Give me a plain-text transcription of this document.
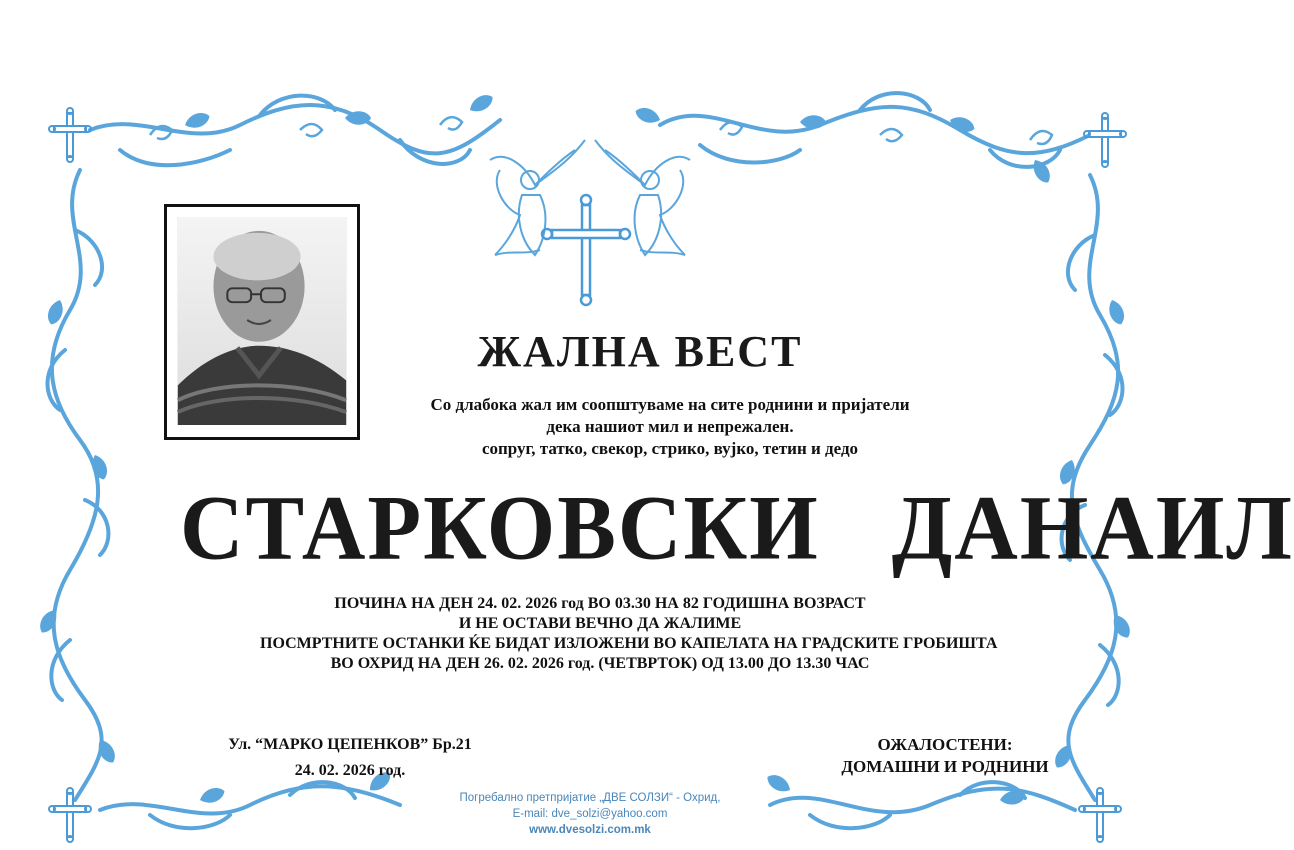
ЖАЛНА ВЕСТ
Со длабока жал им соопштуваме на сите роднини и пријатели
дека нашиот мил и непрежален.
сопруг, татко, свекор, стрико, вујко, тетин и дедо
СТАРКОВСКИ   ДАНАИЛ
ПОЧИНА НА ДЕН 24. 02. 2026 год ВО 03.30 НА 82 ГОДИШНА ВОЗРАСТ
И НЕ ОСТАВИ ВЕЧНО ДА ЖАЛИМЕ
ПОСМРТНИТЕ ОСТАНКИ ЌЕ БИДАТ ИЗЛОЖЕНИ ВО КАПЕЛАТА НА ГРАДСКИТЕ ГРОБИШТА
ВО ОХРИД НА ДЕН 26. 02. 2026 год. (ЧЕТВРТОК) ОД 13.00 ДО 13.30 ЧАС
Ул. “МАРКО ЦЕПЕНКОВ” Бр.21
24. 02. 2026 год.
ОЖАЛОСТЕНИ:
ДОМАШНИ И РОДНИНИ
Погребално претпријатие „ДВЕ СОЛЗИ“ - Охрид,
E-mail: dve_solzi@yahoo.com
www.dvesolzi.com.mk
